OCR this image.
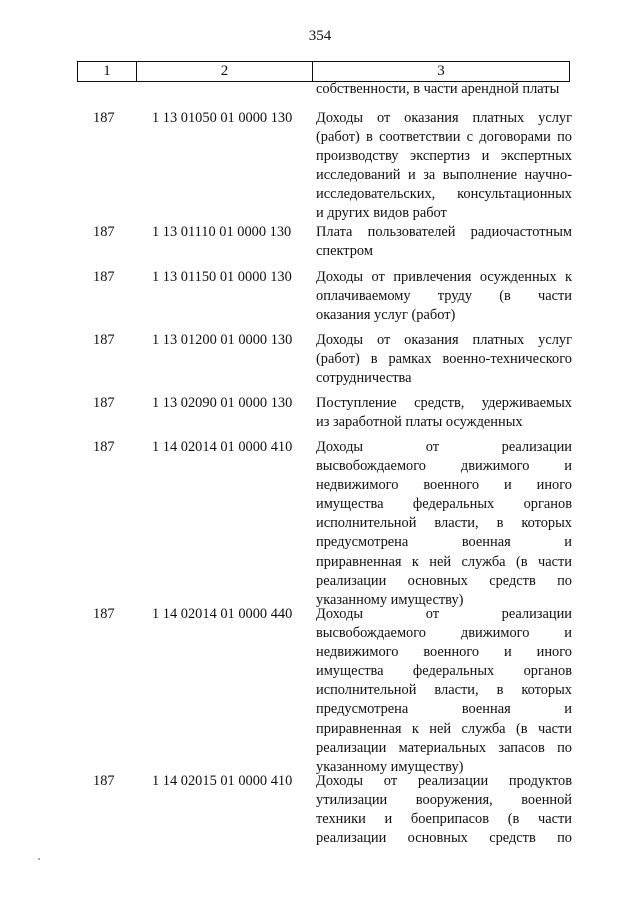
354
1	2	3
собственности, в части арендной платы
187	1 13 01050 01 0000 130	Доходы от оказания платных услуг
(работ) в соответствии с договорами по
производству экспертиз и экспертных
исследований и за выполнение научно-
исследовательских, консультационных
и других видов работ
187	1 13 01110 01 0000 130	Плата пользователей радиочастотным
спектром
187	1 13 01150 01 0000 130	Доходы от привлечения осужденных к
оплачиваемому труду (в части
оказания услуг (работ)
187	1 13 01200 01 0000 130	Доходы от оказания платных услуг
(работ) в рамках военно-технического
сотрудничества
187	1 13 02090 01 0000 130	Поступление средств, удерживаемых
из заработной платы осужденных
187	1 14 02014 01 0000 410	Доходы от реализации
высвобождаемого движимого и
недвижимого военного и иного
имущества федеральных органов
исполнительной власти, в которых
предусмотрена военная и
приравненная к ней служба (в части
реализации основных средств по
указанному имуществу)
187	1 14 02014 01 0000 440	Доходы от реализации
высвобождаемого движимого и
недвижимого военного и иного
имущества федеральных органов
исполнительной власти, в которых
предусмотрена военная и
приравненная к ней служба (в части
реализации материальных запасов по
указанному имуществу)
187	1 14 02015 01 0000 410	Доходы от реализации продуктов
утилизации вооружения, военной
техники и боеприпасов (в части
реализации основных средств по
